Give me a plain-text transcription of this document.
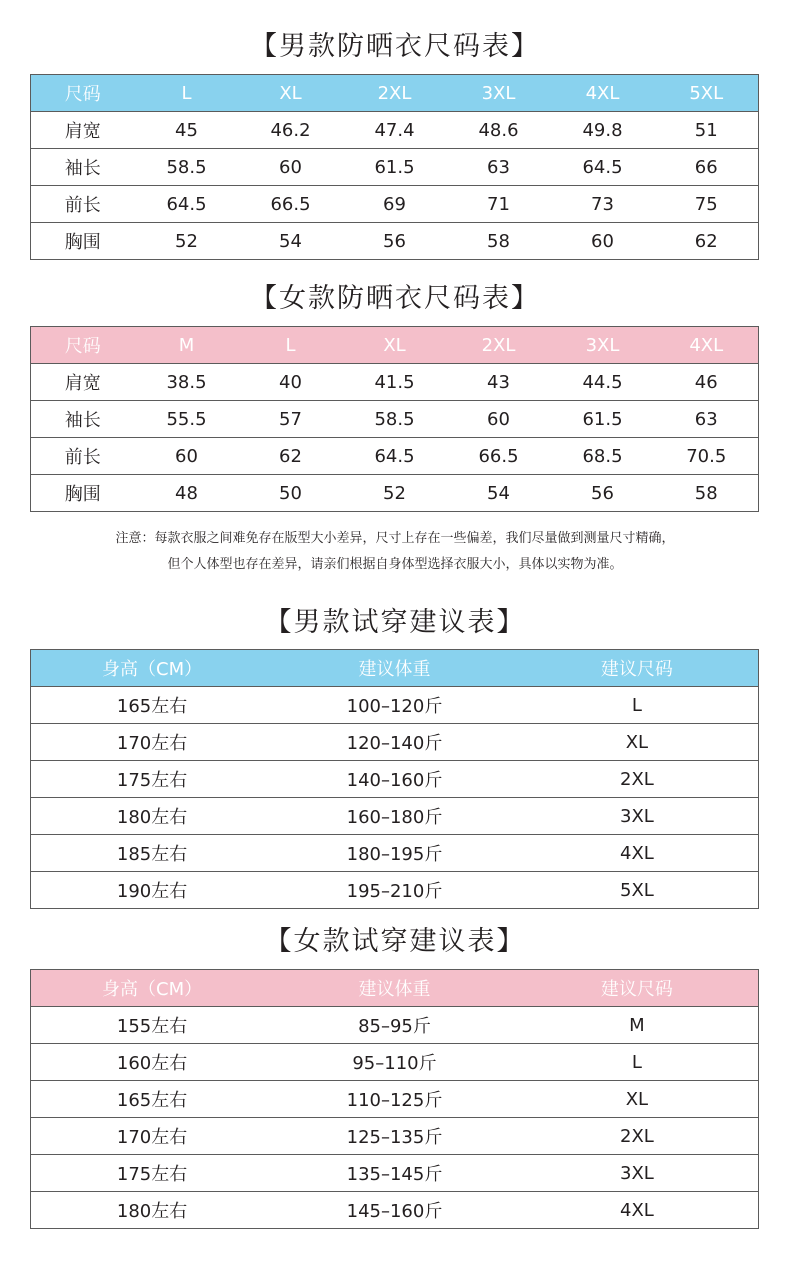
【男款防晒衣尺码表】
尺码	L	XL	2XL	3XL	4XL	5XL
肩宽	45	46.2	47.4	48.6	49.8	51
袖长	58.5	60	61.5	63	64.5	66
前长	64.5	66.5	69	71	73	75
胸围	52	54	56	58	60	62
【女款防晒衣尺码表】
尺码	M	L	XL	2XL	3XL	4XL
肩宽	38.5	40	41.5	43	44.5	46
袖长	55.5	57	58.5	60	61.5	63
前长	60	62	64.5	66.5	68.5	70.5
胸围	48	50	52	54	56	58
注意：每款衣服之间难免存在版型大小差异，尺寸上存在一些偏差，我们尽量做到测量尺寸精确，
但个人体型也存在差异，请亲们根据自身体型选择衣服大小，具体以实物为准。
【男款试穿建议表】
身高（CM）	建议体重	建议尺码
165左右	100–120斤	L
170左右	120–140斤	XL
175左右	140–160斤	2XL
180左右	160–180斤	3XL
185左右	180–195斤	4XL
190左右	195–210斤	5XL
【女款试穿建议表】
身高（CM）	建议体重	建议尺码
155左右	85–95斤	M
160左右	95–110斤	L
165左右	110–125斤	XL
170左右	125–135斤	2XL
175左右	135–145斤	3XL
180左右	145–160斤	4XL
